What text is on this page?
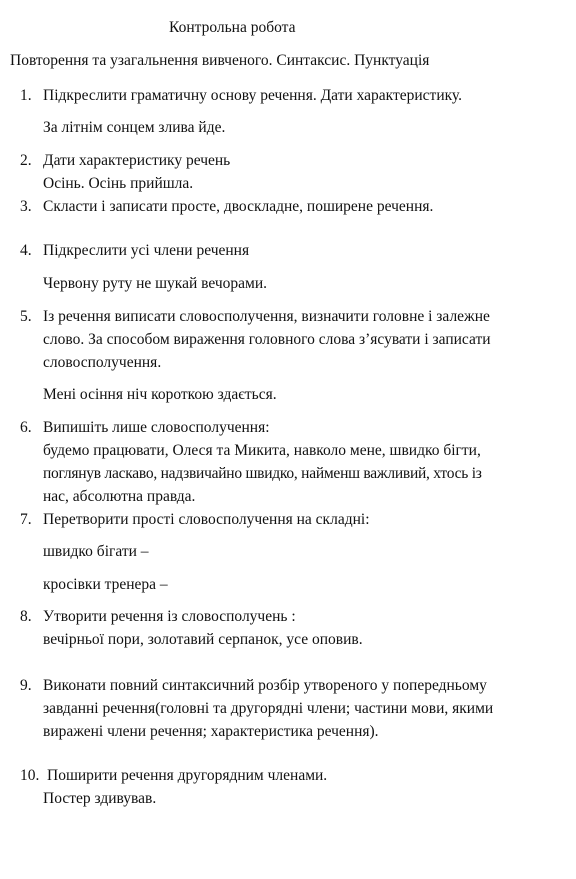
Контрольна робота
Повторення та узагальнення вивченого. Синтаксис. Пунктуація
1. Підкреслити граматичну основу речення. Дати характеристику.
За літнім сонцем злива йде.
2. Дати характеристику речень
Осінь. Осінь прийшла.
3. Скласти і записати просте, двоскладне, поширене речення.
4. Підкреслити усі члени речення
Червону руту не шукай вечорами.
5. Із речення виписати словосполучення, визначити головне і залежне
слово. За способом вираження головного слова з’ясувати і записати
словосполучення.
Мені осіння ніч короткою здається.
6. Випишіть лише словосполучення:
будемо працювати, Олеся та Микита, навколо мене, швидко бігти,
поглянув ласкаво, надзвичайно швидко, найменш важливий, хтось із
нас, абсолютна правда.
7. Перетворити прості словосполучення на складні:
швидко бігати –
кросівки тренера –
8. Утворити речення із словосполучень :
вечірньої пори, золотавий серпанок, усе оповив.
9. Виконати повний синтаксичний розбір утвореного у попередньому
завданні речення(головні та другорядні члени; частини мови, якими
виражені члени речення; характеристика речення).
10. Поширити речення другорядним членами.
Постер здивував.
